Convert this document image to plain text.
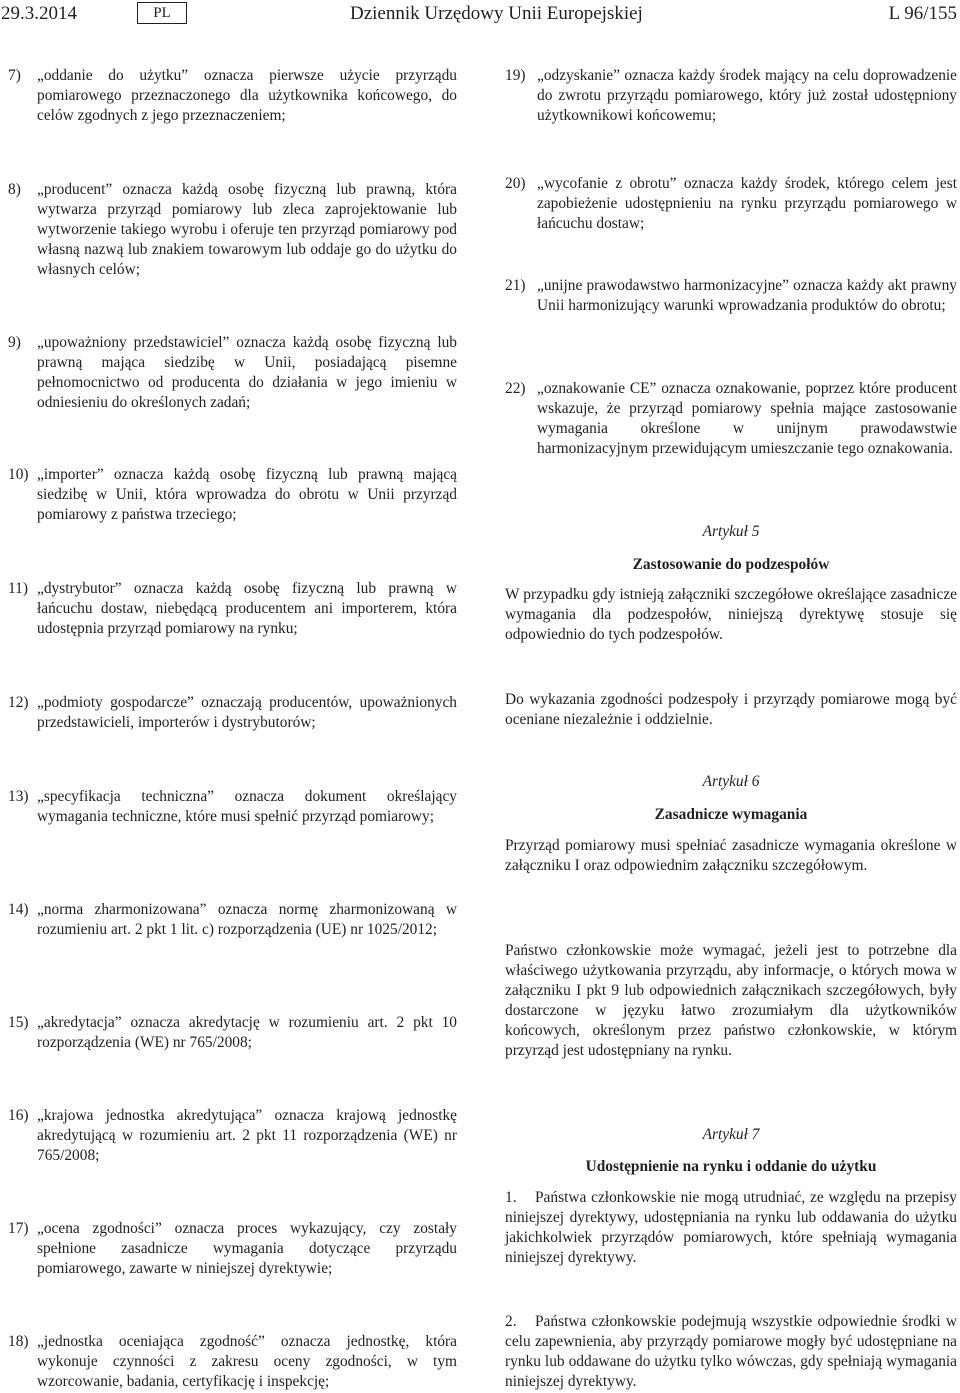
29.3.2014	PL	Dziennik Urzędowy Unii Europejskiej	L 96/155
7)	„oddanie do użytku” oznacza pierwsze użycie przyrządu pomiarowego przeznaczonego dla użytkownika końcowego, do celów zgodnych z jego przeznaczeniem;
8)	„producent” oznacza każdą osobę fizyczną lub prawną, która wytwarza przyrząd pomiarowy lub zleca zaprojektowanie lub wytworzenie takiego wyrobu i oferuje ten przyrząd pomiarowy pod własną nazwą lub znakiem towarowym lub oddaje go do użytku do własnych celów;
9)	„upoważniony przedstawiciel” oznacza każdą osobę fizyczną lub prawną mająca siedzibę w Unii, posiadającą pisemne pełnomocnictwo od producenta do działania w jego imieniu w odniesieniu do określonych zadań;
10) „importer” oznacza każdą osobę fizyczną lub prawną mającą siedzibę w Unii, która wprowadza do obrotu w Unii przyrząd pomiarowy z państwa trzeciego;
11) „dystrybutor” oznacza każdą osobę fizyczną lub prawną w łańcuchu dostaw, niebędącą producentem ani importerem, która udostępnia przyrząd pomiarowy na rynku;
12) „podmioty gospodarcze” oznaczają producentów, upoważnionych przedstawicieli, importerów i dystrybutorów;
13) „specyfikacja techniczna” oznacza dokument określający wymagania techniczne, które musi spełnić przyrząd pomiarowy;
14) „norma zharmonizowana” oznacza normę zharmonizowaną w rozumieniu art. 2 pkt 1 lit. c) rozporządzenia (UE) nr 1025/2012;
15) „akredytacja” oznacza akredytację w rozumieniu art. 2 pkt 10 rozporządzenia (WE) nr 765/2008;
16) „krajowa jednostka akredytująca” oznacza krajową jednostkę akredytującą w rozumieniu art. 2 pkt 11 rozporządzenia (WE) nr 765/2008;
17) „ocena zgodności” oznacza proces wykazujący, czy zostały spełnione zasadnicze wymagania dotyczące przyrządu pomiarowego, zawarte w niniejszej dyrektywie;
18) „jednostka oceniająca zgodność” oznacza jednostkę, która wykonuje czynności z zakresu oceny zgodności, w tym wzorcowanie, badania, certyfikację i inspekcję;
19) „odzyskanie” oznacza każdy środek mający na celu doprowadzenie do zwrotu przyrządu pomiarowego, który już został udostępniony użytkownikowi końcowemu;
20) „wycofanie z obrotu” oznacza każdy środek, którego celem jest zapobieżenie udostępnieniu na rynku przyrządu pomiarowego w łańcuchu dostaw;
21) „unijne prawodawstwo harmonizacyjne” oznacza każdy akt prawny Unii harmonizujący warunki wprowadzania produktów do obrotu;
22) „oznakowanie CE” oznacza oznakowanie, poprzez które producent wskazuje, że przyrząd pomiarowy spełnia mające zastosowanie wymagania określone w unijnym prawodawstwie harmonizacyjnym przewidującym umieszczanie tego oznakowania.

Artykuł 5

Zastosowanie do podzespołów

W przypadku gdy istnieją załączniki szczegółowe określające zasadnicze wymagania dla podzespołów, niniejszą dyrektywę stosuje się odpowiednio do tych podzespołów.

Do wykazania zgodności podzespoły i przyrządy pomiarowe mogą być oceniane niezależnie i oddzielnie.

Artykuł 6

Zasadnicze wymagania

Przyrząd pomiarowy musi spełniać zasadnicze wymagania określone w załączniku I oraz odpowiednim załączniku szczegółowym.

Państwo członkowskie może wymagać, jeżeli jest to potrzebne dla właściwego użytkowania przyrządu, aby informacje, o których mowa w załączniku I pkt 9 lub odpowiednich załącznikach szczegółowych, były dostarczone w języku łatwo zrozumiałym dla użytkowników końcowych, określonym przez państwo członkowskie, w którym przyrząd jest udostępniany na rynku.

Artykuł 7

Udostępnienie na rynku i oddanie do użytku

1. Państwa członkowskie nie mogą utrudniać, ze względu na przepisy niniejszej dyrektywy, udostępniania na rynku lub oddawania do użytku jakichkolwiek przyrządów pomiarowych, które spełniają wymagania niniejszej dyrektywy.

2. Państwa członkowskie podejmują wszystkie odpowiednie środki w celu zapewnienia, aby przyrządy pomiarowe mogły być udostępniane na rynku lub oddawane do użytku tylko wówczas, gdy spełniają wymagania niniejszej dyrektywy.
